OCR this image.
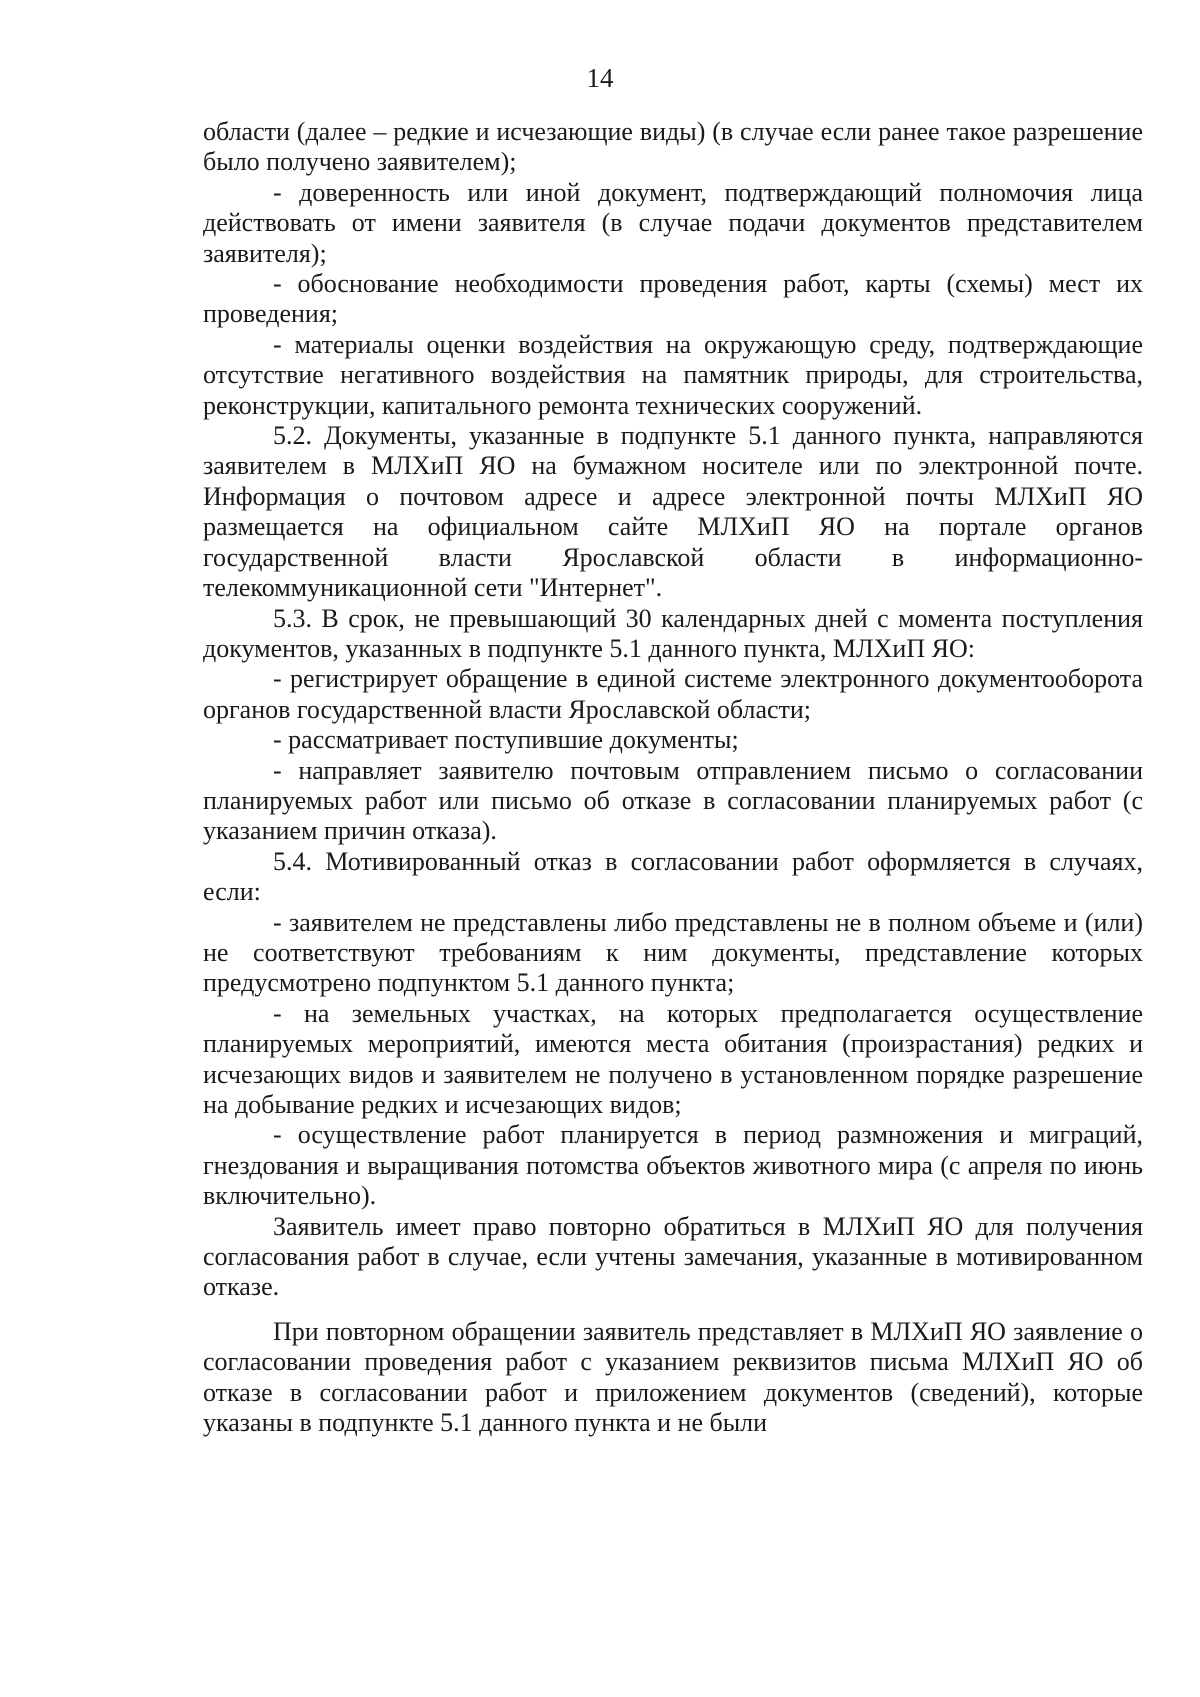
14

области (далее – редкие и исчезающие виды) (в случае если ранее такое разрешение было получено заявителем);

- доверенность или иной документ, подтверждающий полномочия лица действовать от имени заявителя (в случае подачи документов представителем заявителя);

- обоснование необходимости проведения работ, карты (схемы) мест их проведения;

- материалы оценки воздействия на окружающую среду, подтверждающие отсутствие негативного воздействия на памятник природы, для строительства, реконструкции, капитального ремонта технических сооружений.

5.2. Документы, указанные в подпункте 5.1 данного пункта, направляются заявителем в МЛХиП ЯО на бумажном носителе или по электронной почте. Информация о почтовом адресе и адресе электронной почты МЛХиП ЯО размещается на официальном сайте МЛХиП ЯО на портале органов государственной власти Ярославской области в информационно-телекоммуникационной сети "Интернет".

5.3. В срок, не превышающий 30 календарных дней с момента поступления документов, указанных в подпункте 5.1 данного пункта, МЛХиП ЯО:

- регистрирует обращение в единой системе электронного документооборота органов государственной власти Ярославской области;

- рассматривает поступившие документы;

- направляет заявителю почтовым отправлением письмо о согласовании планируемых работ или письмо об отказе в согласовании планируемых работ (с указанием причин отказа).

5.4. Мотивированный отказ в согласовании работ оформляется в случаях, если:

- заявителем не представлены либо представлены не в полном объеме и (или) не соответствуют требованиям к ним документы, представление которых предусмотрено подпунктом 5.1 данного пункта;

- на земельных участках, на которых предполагается осуществление планируемых мероприятий, имеются места обитания (произрастания) редких и исчезающих видов и заявителем не получено в установленном порядке разрешение на добывание редких и исчезающих видов;

- осуществление работ планируется в период размножения и миграций, гнездования и выращивания потомства объектов животного мира (с апреля по июнь включительно).

Заявитель имеет право повторно обратиться в МЛХиП ЯО для получения согласования работ в случае, если учтены замечания, указанные в мотивированном отказе.

При повторном обращении заявитель представляет в МЛХиП ЯО заявление о согласовании проведения работ с указанием реквизитов письма МЛХиП ЯО об отказе в согласовании работ и приложением документов (сведений), которые указаны в подпункте 5.1 данного пункта и не были
